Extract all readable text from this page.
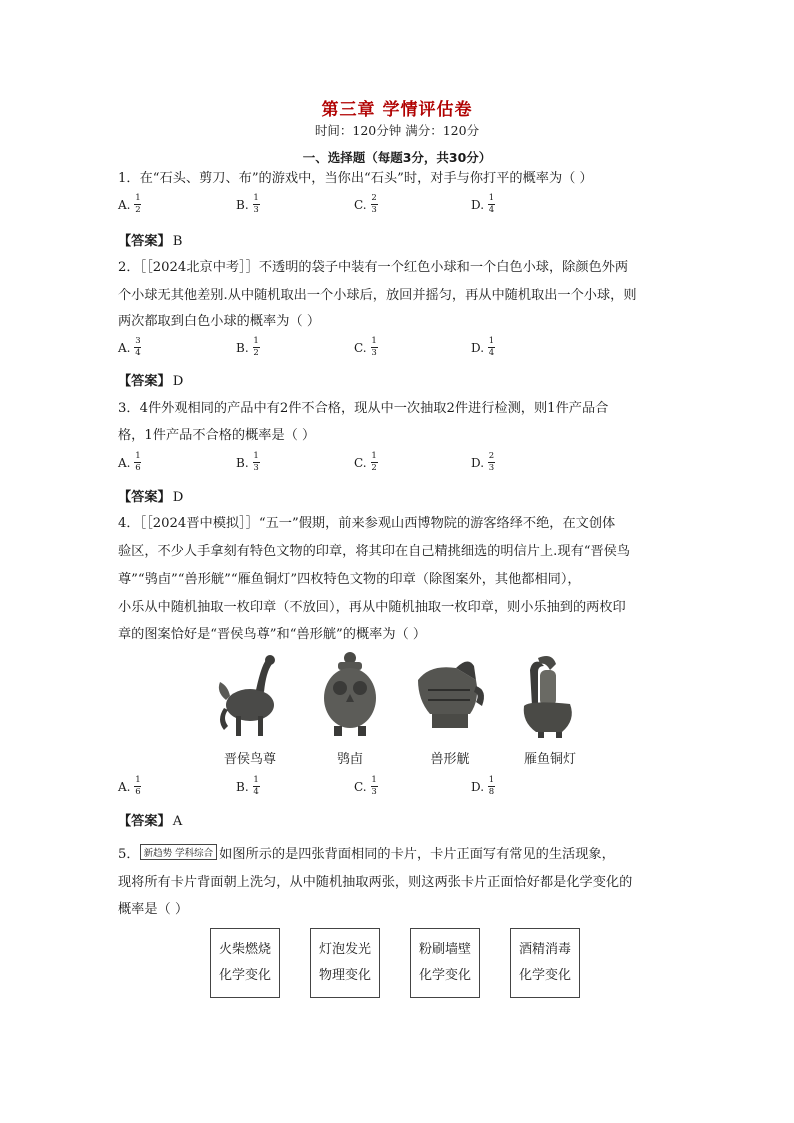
第三章 学情评估卷
时间：120分钟 满分：120分
一、选择题（每题3分，共30分）
1．在“石头、剪刀、布”的游戏中，当你出“石头”时，对手与你打平的概率为（ ）
A. $\frac{1}{2}$	B. $\frac{1}{3}$	C. $\frac{2}{3}$	D. $\frac{1}{4}$
【答案】 B
2．［［2024北京中考］］不透明的袋子中装有一个红色小球和一个白色小球，除颜色外两
个小球无其他差别.从中随机取出一个小球后，放回并摇匀，再从中随机取出一个小球，则
两次都取到白色小球的概率为（ ）
A. $\frac{3}{4}$	B. $\frac{1}{2}$	C. $\frac{1}{3}$	D. $\frac{1}{4}$
【答案】 D
3．4件外观相同的产品中有2件不合格，现从中一次抽取2件进行检测，则1件产品合
格，1件产品不合格的概率是（ ）
A. $\frac{1}{6}$	B. $\frac{1}{3}$	C. $\frac{1}{2}$	D. $\frac{2}{3}$
【答案】 D
4．［［2024晋中模拟］］“五一”假期，前来参观山西博物院的游客络绎不绝，在文创体
验区，不少人手拿刻有特色文物的印章，将其印在自己精挑细选的明信片上.现有“晋侯鸟
尊”“鸮卣”“兽形觥”“雁鱼铜灯”四枚特色文物的印章（除图案外，其他都相同），
小乐从中随机抽取一枚印章（不放回），再从中随机抽取一枚印章，则小乐抽到的两枚印
章的图案恰好是“晋侯鸟尊”和“兽形觥”的概率为（ ）
晋侯鸟尊	鸮卣	兽形觥	雁鱼铜灯
A. $\frac{1}{6}$	B. $\frac{1}{4}$	C. $\frac{1}{3}$	D. $\frac{1}{8}$
【答案】 A
5． 新趋势 学科综合 如图所示的是四张背面相同的卡片，卡片正面写有常见的生活现象，
现将所有卡片背面朝上洗匀，从中随机抽取两张，则这两张卡片正面恰好都是化学变化的
概率是（ ）
火柴燃烧
化学变化
灯泡发光
物理变化
粉刷墙壁
化学变化
酒精消毒
化学变化
